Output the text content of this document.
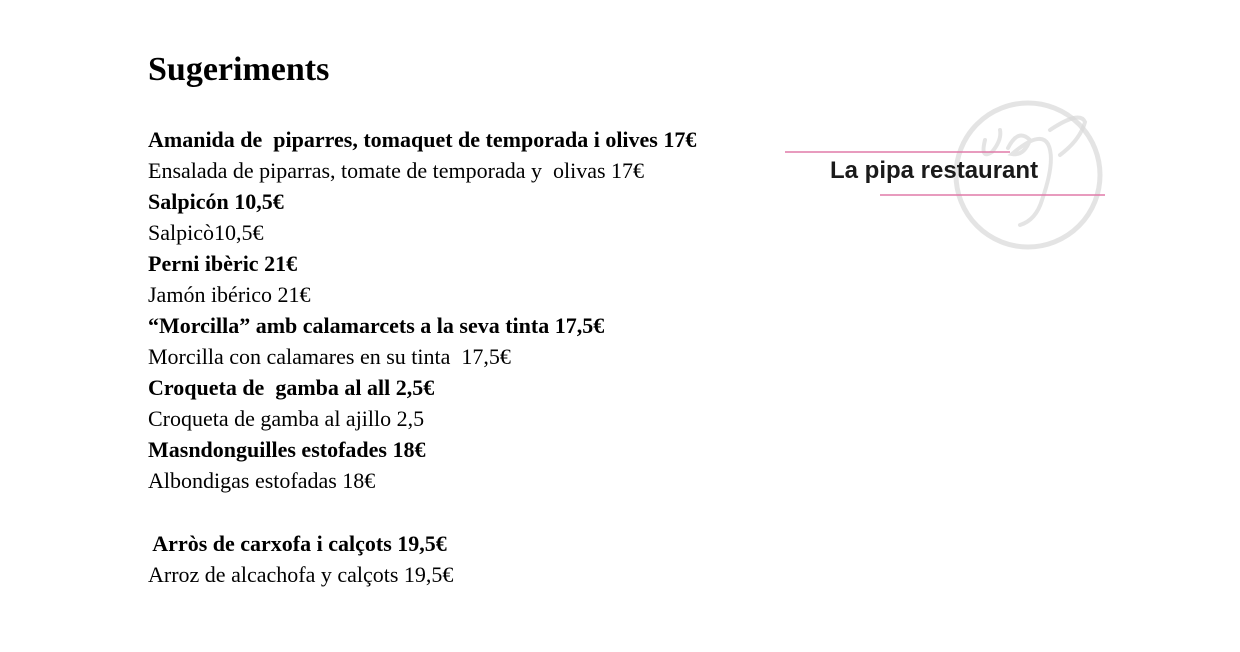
Sugeriments
Amanida de  piparres, tomaquet de temporada i olives 17€
Ensalada de piparras, tomate de temporada y  olivas 17€
Salpicón 10,5€
Salpicò10,5€
Perni ibèric 21€
Jamón ibérico 21€
“Morcilla” amb calamarcets a la seva tinta 17,5€
Morcilla con calamares en su tinta  17,5€
Croqueta de  gamba al all 2,5€
Croqueta de gamba al ajillo 2,5
Masndonguilles estofades 18€
Albondigas estofadas 18€
Arròs de carxofa i calçots 19,5€
Arroz de alcachofa y calçots 19,5€
La pipa restaurant
